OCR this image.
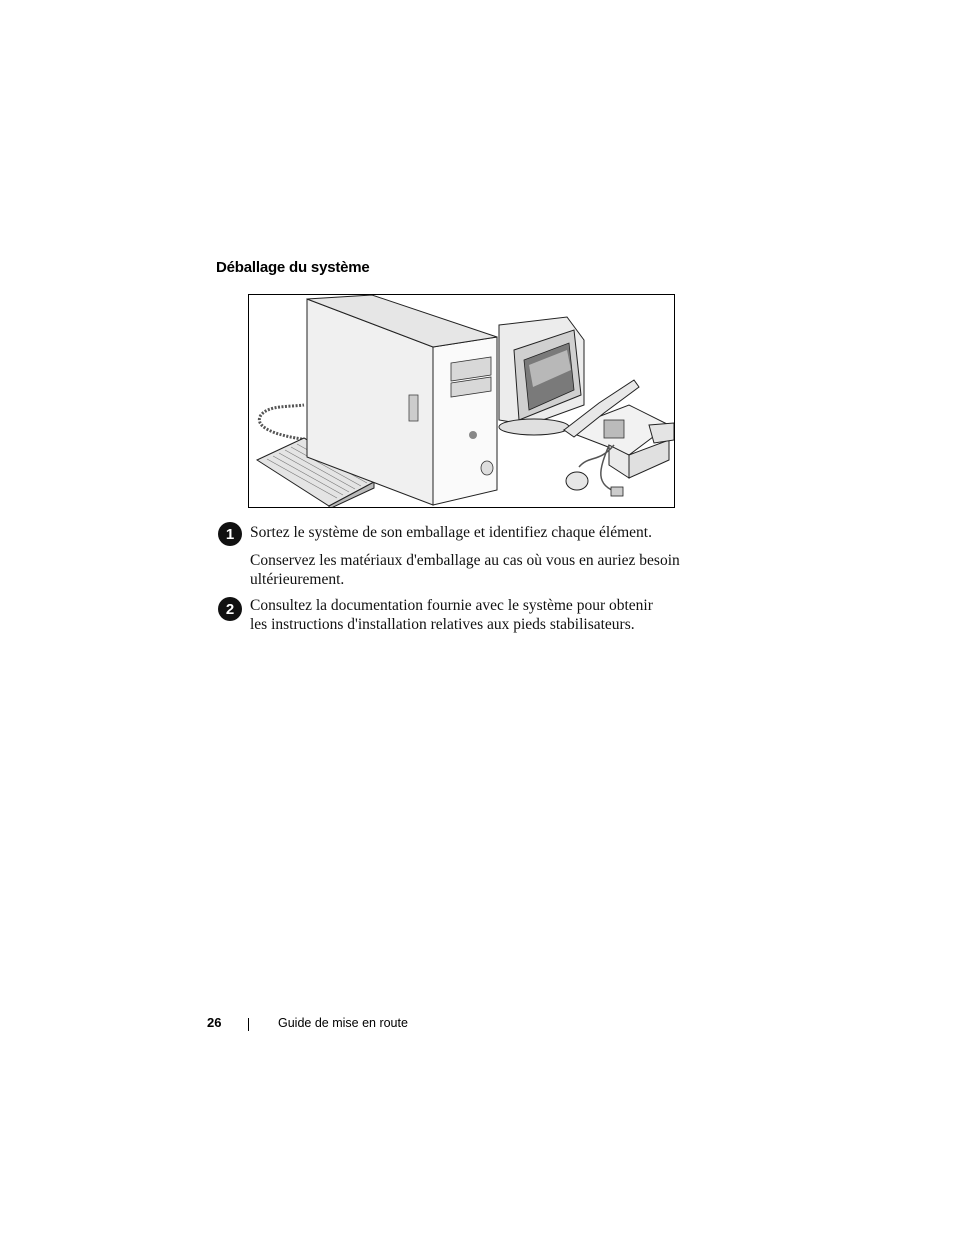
Déballage du système
1	Sortez le système de son emballage et identifiez chaque élément.
Conservez les matériaux d'emballage au cas où vous en auriez besoin ultérieurement.
2	Consultez la documentation fournie avec le système pour obtenir les instructions d'installation relatives aux pieds stabilisateurs.
26	Guide de mise en route
